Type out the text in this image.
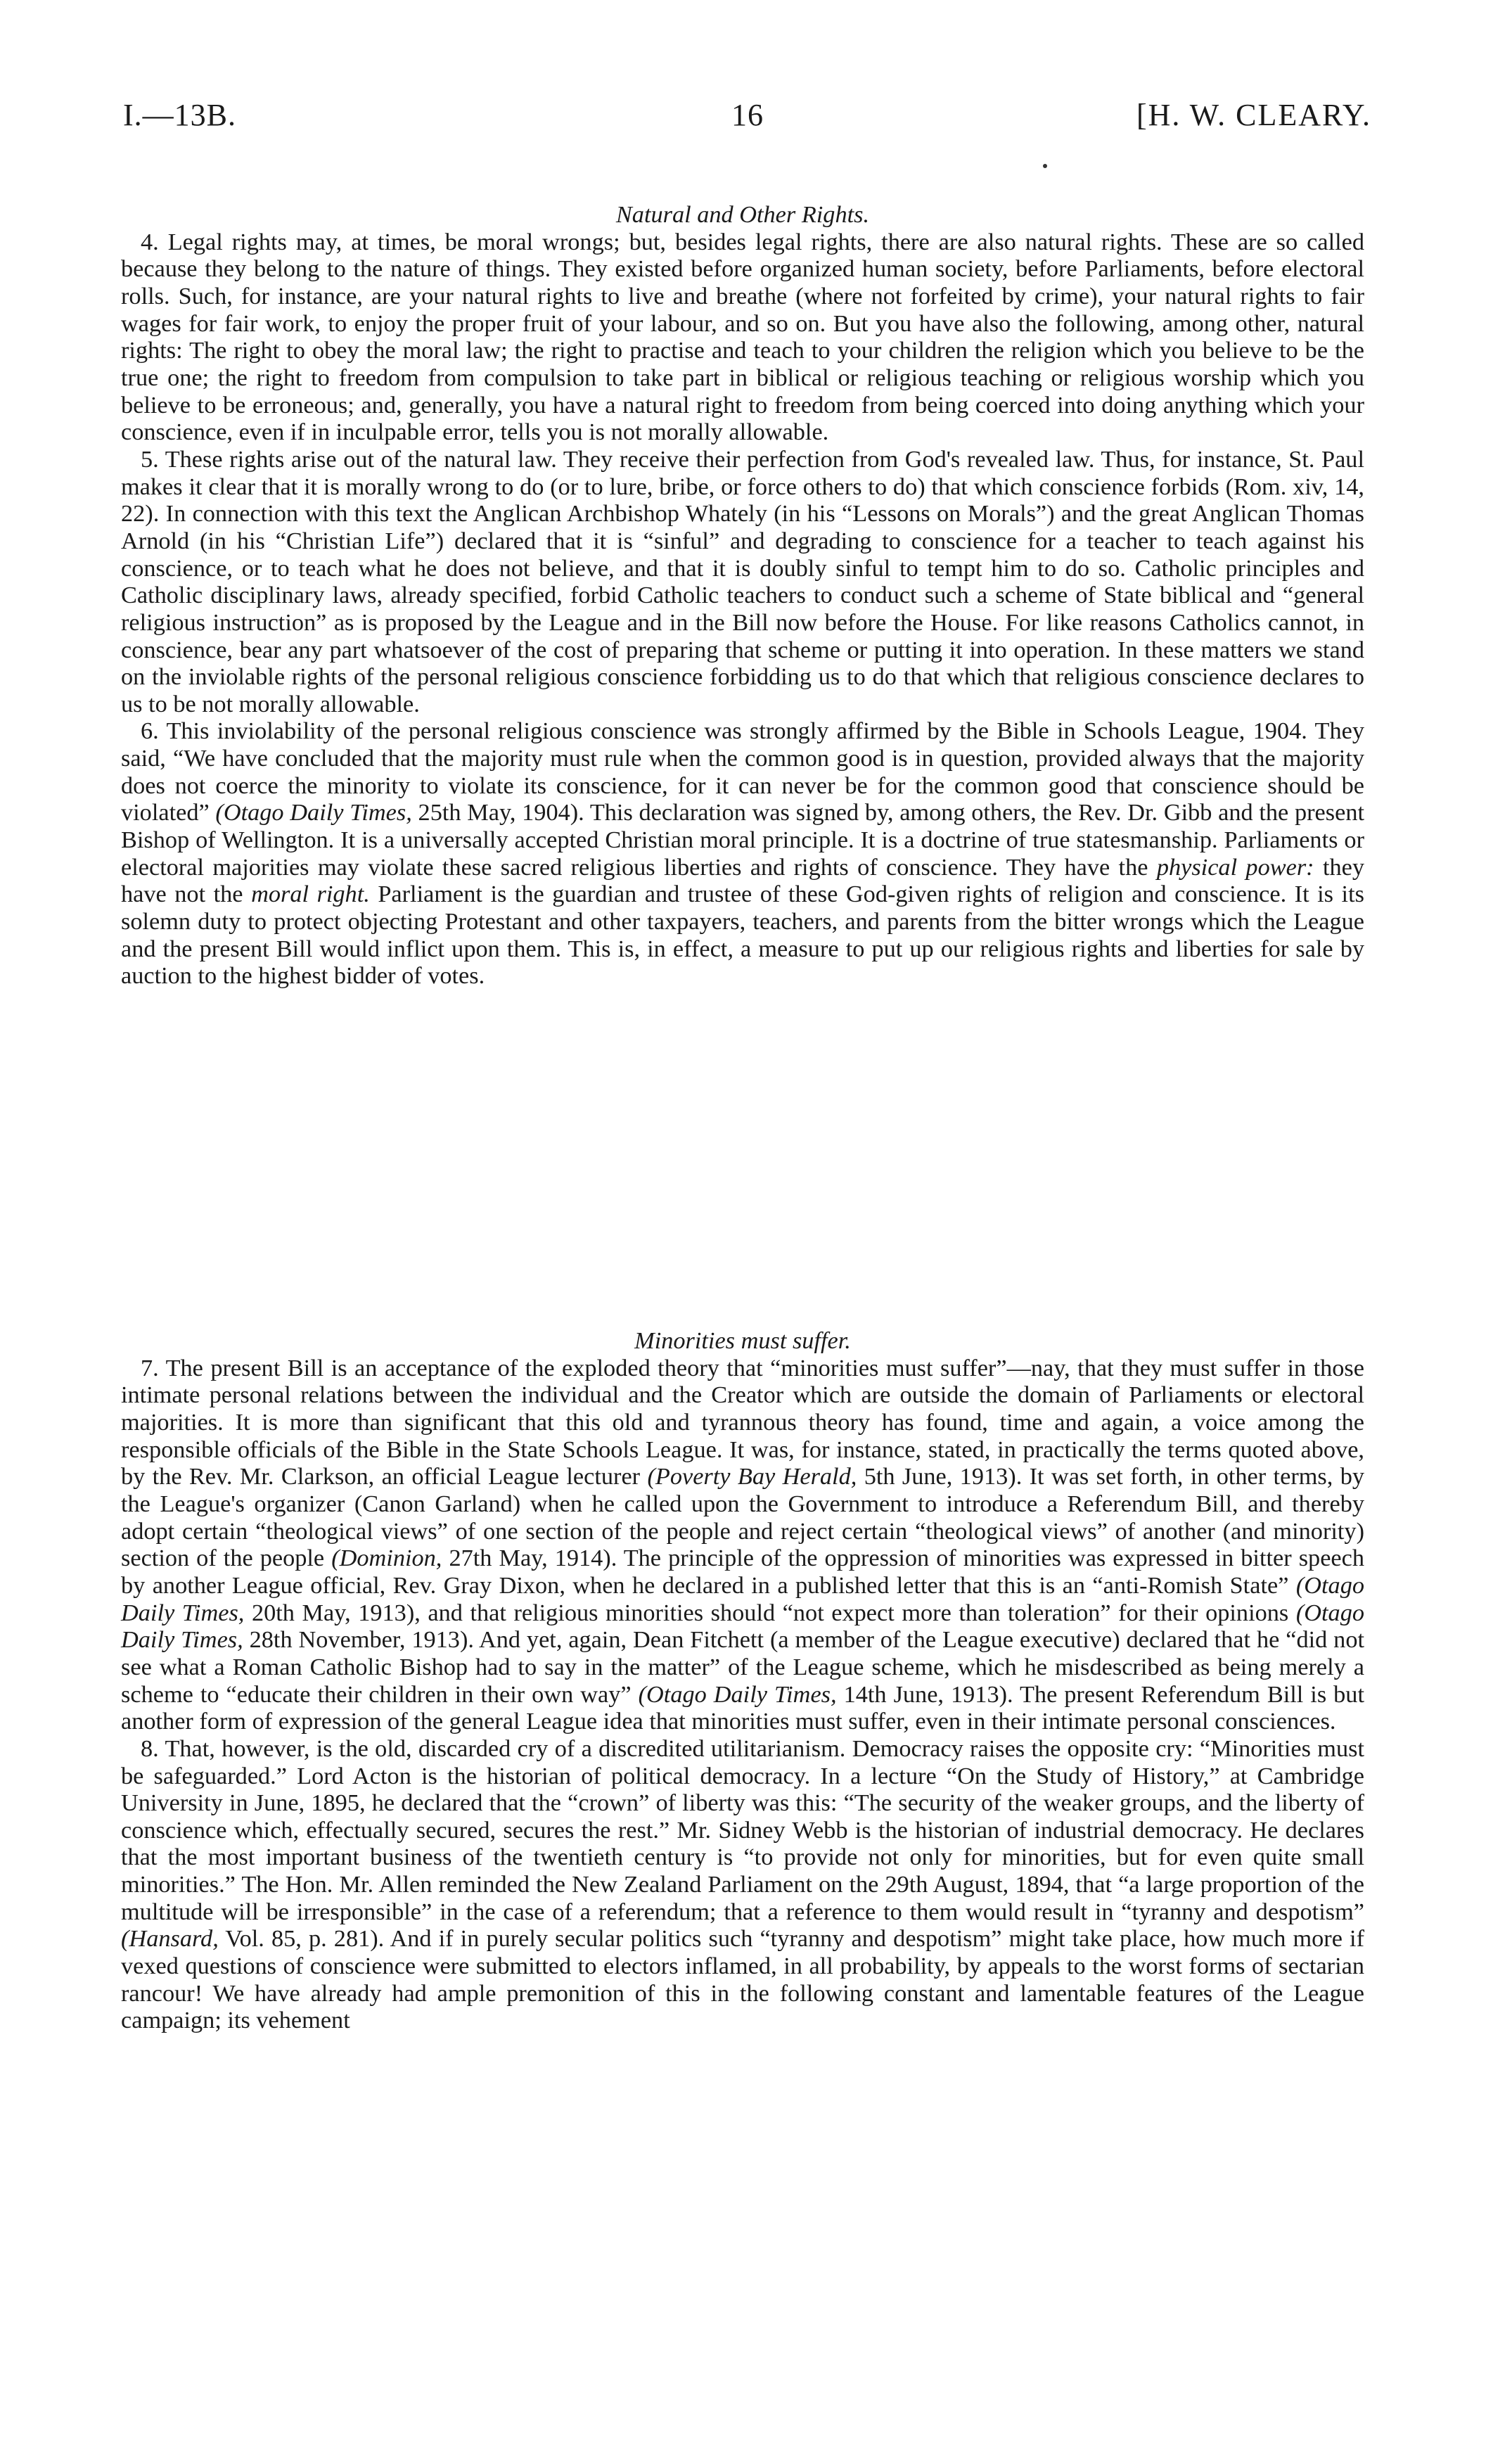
I.—13B.	16	[H. W. CLEARY.

Natural and Other Rights.

4. Legal rights may, at times, be moral wrongs; but, besides legal rights, there are also natural rights. These are so called because they belong to the nature of things. They existed before organized human society, before Parliaments, before electoral rolls. Such, for instance, are your natural rights to live and breathe (where not forfeited by crime), your natural rights to fair wages for fair work, to enjoy the proper fruit of your labour, and so on. But you have also the following, among other, natural rights: The right to obey the moral law; the right to practise and teach to your children the religion which you believe to be the true one; the right to freedom from compulsion to take part in biblical or religious teaching or religious worship which you believe to be erroneous; and, generally, you have a natural right to freedom from being coerced into doing anything which your conscience, even if in inculpable error, tells you is not morally allowable.

5. These rights arise out of the natural law. They receive their perfection from God's revealed law. Thus, for instance, St. Paul makes it clear that it is morally wrong to do (or to lure, bribe, or force others to do) that which conscience forbids (Rom. xiv, 14, 22). In connection with this text the Anglican Archbishop Whately (in his “Lessons on Morals”) and the great Anglican Thomas Arnold (in his “Christian Life”) declared that it is “sinful” and degrading to conscience for a teacher to teach against his conscience, or to teach what he does not believe, and that it is doubly sinful to tempt him to do so. Catholic principles and Catholic disciplinary laws, already specified, forbid Catholic teachers to conduct such a scheme of State biblical and “general religious instruction” as is proposed by the League and in the Bill now before the House. For like reasons Catholics cannot, in conscience, bear any part whatsoever of the cost of preparing that scheme or putting it into operation. In these matters we stand on the inviolable rights of the personal religious conscience forbidding us to do that which that religious conscience declares to us to be not morally allowable.

6. This inviolability of the personal religious conscience was strongly affirmed by the Bible in Schools League, 1904. They said, “We have concluded that the majority must rule when the common good is in question, provided always that the majority does not coerce the minority to violate its conscience, for it can never be for the common good that conscience should be violated” (Otago Daily Times, 25th May, 1904). This declaration was signed by, among others, the Rev. Dr. Gibb and the present Bishop of Wellington. It is a universally accepted Christian moral principle. It is a doctrine of true statesmanship. Parliaments or electoral majorities may violate these sacred religious liberties and rights of conscience. They have the physical power: they have not the moral right. Parliament is the guardian and trustee of these God-given rights of religion and conscience. It is its solemn duty to protect objecting Protestant and other taxpayers, teachers, and parents from the bitter wrongs which the League and the present Bill would inflict upon them. This is, in effect, a measure to put up our religious rights and liberties for sale by auction to the highest bidder of votes.

Minorities must suffer.

7. The present Bill is an acceptance of the exploded theory that “minorities must suffer”—nay, that they must suffer in those intimate personal relations between the individual and the Creator which are outside the domain of Parliaments or electoral majorities. It is more than significant that this old and tyrannous theory has found, time and again, a voice among the responsible officials of the Bible in the State Schools League. It was, for instance, stated, in practically the terms quoted above, by the Rev. Mr. Clarkson, an official League lecturer (Poverty Bay Herald, 5th June, 1913). It was set forth, in other terms, by the League's organizer (Canon Garland) when he called upon the Government to introduce a Referendum Bill, and thereby adopt certain “theological views” of one section of the people and reject certain “theological views” of another (and minority) section of the people (Dominion, 27th May, 1914). The principle of the oppression of minorities was expressed in bitter speech by another League official, Rev. Gray Dixon, when he declared in a published letter that this is an “anti-Romish State” (Otago Daily Times, 20th May, 1913), and that religious minorities should “not expect more than toleration” for their opinions (Otago Daily Times, 28th November, 1913). And yet, again, Dean Fitchett (a member of the League executive) declared that he “did not see what a Roman Catholic Bishop had to say in the matter” of the League scheme, which he misdescribed as being merely a scheme to “educate their children in their own way” (Otago Daily Times, 14th June, 1913). The present Referendum Bill is but another form of expression of the general League idea that minorities must suffer, even in their intimate personal consciences.

8. That, however, is the old, discarded cry of a discredited utilitarianism. Democracy raises the opposite cry: “Minorities must be safeguarded.” Lord Acton is the historian of political democracy. In a lecture “On the Study of History,” at Cambridge University in June, 1895, he declared that the “crown” of liberty was this: “The security of the weaker groups, and the liberty of conscience which, effectually secured, secures the rest.” Mr. Sidney Webb is the historian of industrial democracy. He declares that the most important business of the twentieth century is “to provide not only for minorities, but for even quite small minorities.” The Hon. Mr. Allen reminded the New Zealand Parliament on the 29th August, 1894, that “a large proportion of the multitude will be irresponsible” in the case of a referendum; that a reference to them would result in “tyranny and despotism” (Hansard, Vol. 85, p. 281). And if in purely secular politics such “tyranny and despotism” might take place, how much more if vexed questions of conscience were submitted to electors inflamed, in all probability, by appeals to the worst forms of sectarian rancour! We have already had ample premonition of this in the following constant and lamentable features of the League campaign; its vehement
